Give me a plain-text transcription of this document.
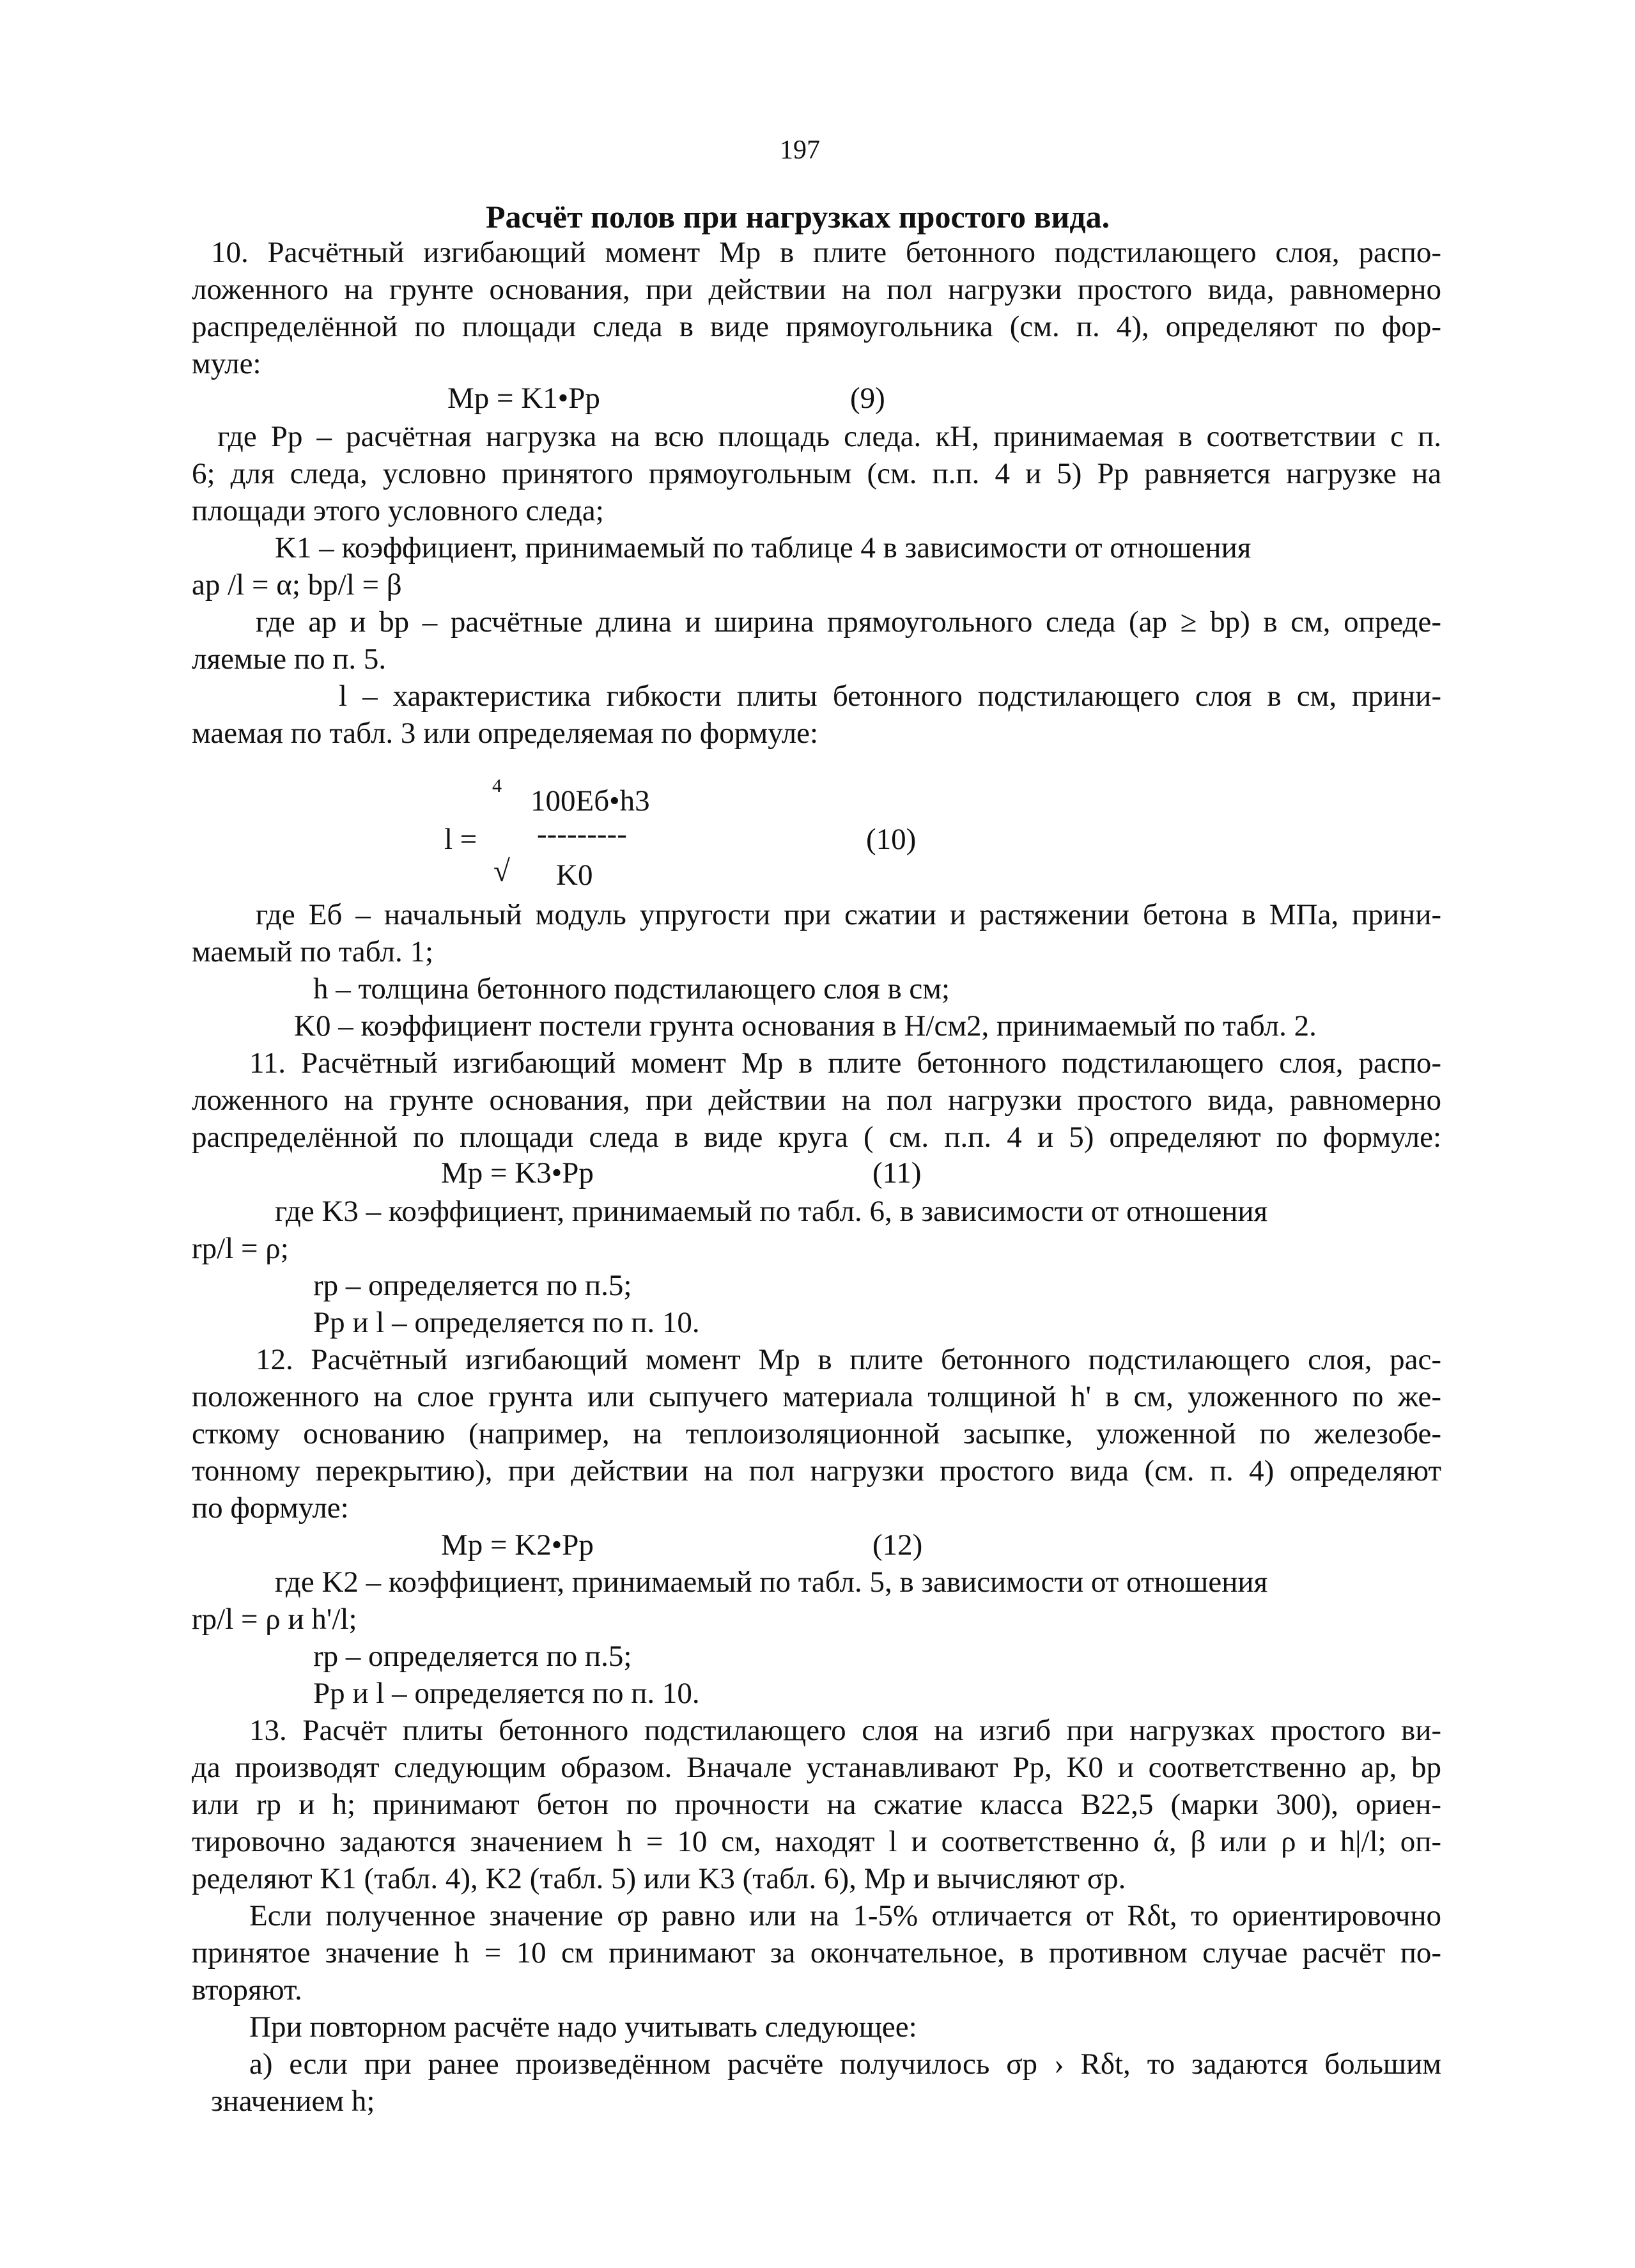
197
Расчёт полов при нагрузках простого вида.
10. Расчётный изгибающий момент Mр в плите бетонного подстилающего слоя, распо-
ложенного на грунте основания, при действии на пол нагрузки простого вида, равномерно
распределённой по площади следа в виде прямоугольника (см. п. 4), определяют по фор-
муле:
Mр = K1•Pр	(9)
где Pр – расчётная нагрузка на всю площадь следа. кН, принимаемая в соответствии с п.
6; для следа, условно принятого прямоугольным (см. п.п. 4 и 5) Pр равняется нагрузке на
площади этого условного следа;
K1 – коэффициент, принимаемый по таблице 4 в зависимости от отношения
aр /l = α; bр/l = β
где aр и bр – расчётные длина и ширина прямоугольного следа (aр ≥ bр) в см, опреде-
ляемые по п. 5.
l – характеристика гибкости плиты бетонного подстилающего слоя в см, прини-
маемая по табл. 3 или определяемая по формуле:
4 100Eб•h3
l = ---------	(10)
√ K0
где Eб – начальный модуль упругости при сжатии и растяжении бетона в МПа, прини-
маемый по табл. 1;
h – толщина бетонного подстилающего слоя в см;
K0 – коэффициент постели грунта основания в Н/см2, принимаемый по табл. 2.
11. Расчётный изгибающий момент Mр в плите бетонного подстилающего слоя, распо-
ложенного на грунте основания, при действии на пол нагрузки простого вида, равномерно
распределённой по площади следа в виде круга ( см. п.п. 4 и 5) определяют по формуле:
Mр = K3•Pр	(11)
где K3 – коэффициент, принимаемый по табл. 6, в зависимости от отношения
rр/l = ρ;
rр – определяется по п.5;
Pр и l – определяется по п. 10.
12. Расчётный изгибающий момент Mр в плите бетонного подстилающего слоя, рас-
положенного на слое грунта или сыпучего материала толщиной h' в см, уложенного по же-
сткому основанию (например, на теплоизоляционной засыпке, уложенной по железобе-
тонному перекрытию), при действии на пол нагрузки простого вида (см. п. 4) определяют
по формуле:
Mр = K2•Pр	(12)
где K2 – коэффициент, принимаемый по табл. 5, в зависимости от отношения
rр/l = ρ и h'/l;
rр – определяется по п.5;
Pр и l – определяется по п. 10.
13. Расчёт плиты бетонного подстилающего слоя на изгиб при нагрузках простого ви-
да производят следующим образом. Вначале устанавливают Pр, K0 и соответственно aр, bр
или rр и h; принимают бетон по прочности на сжатие класса B22,5 (марки 300), ориен-
тировочно задаются значением h = 10 см, находят l и соответственно ά, β или ρ и h|/l; оп-
ределяют K1 (табл. 4), K2 (табл. 5) или K3 (табл. 6), Mр и вычисляют σр.
Если полученное значение σр равно или на 1-5% отличается от Rδt, то ориентировочно
принятое значение h = 10 см принимают за окончательное, в противном случае расчёт по-
вторяют.
При повторном расчёте надо учитывать следующее:
а) если при ранее произведённом расчёте получилось σр › Rδt, то задаются большим
значением h;
